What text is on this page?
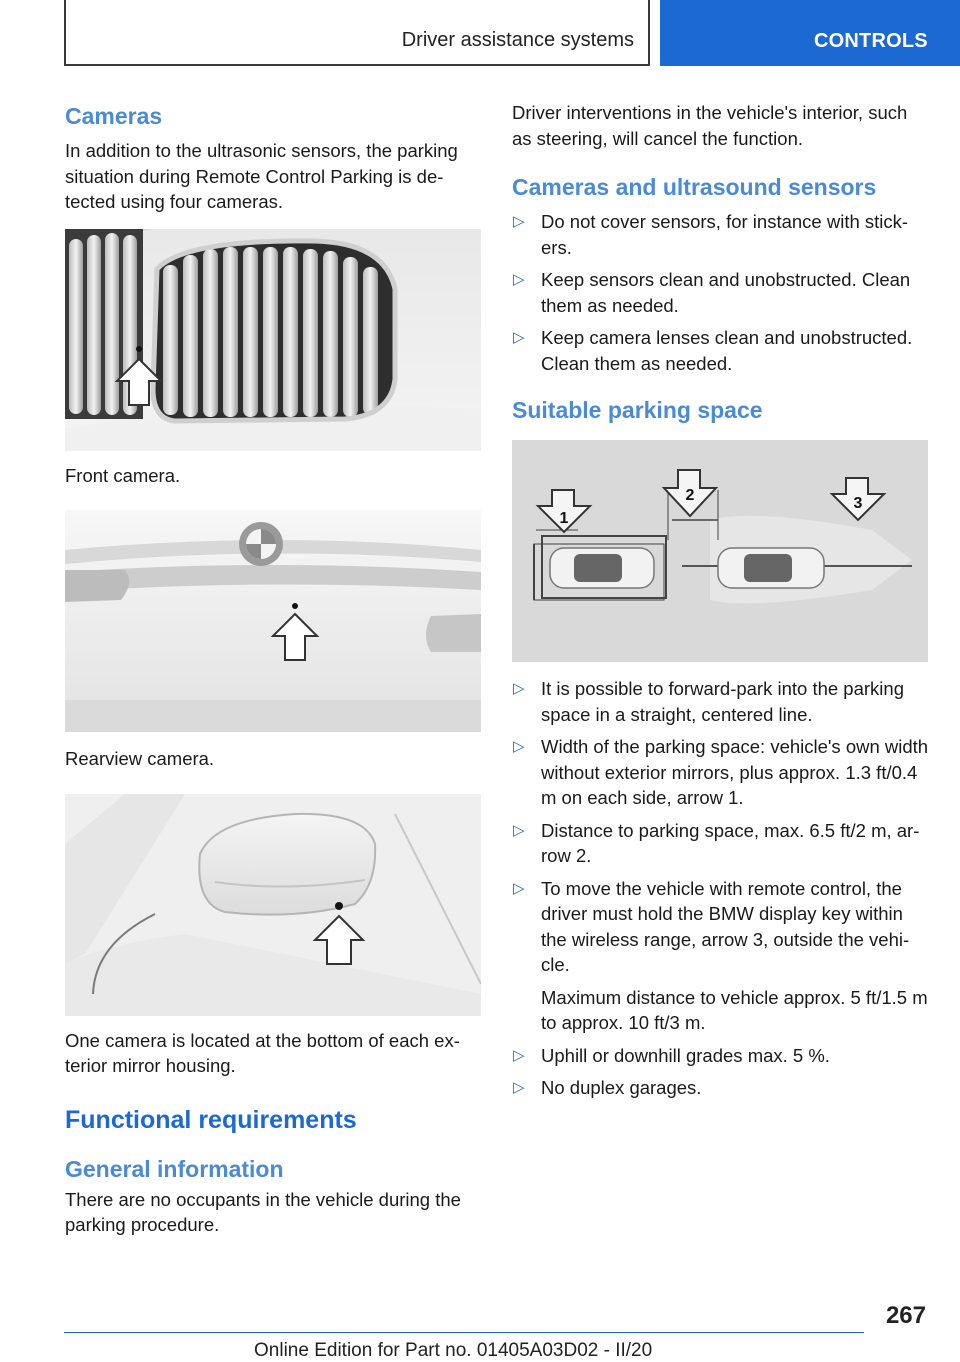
Driver assistance systems	CONTROLS
Cameras

In addition to the ultrasonic sensors, the parking situation during Remote Control Parking is detected using four cameras.

Front camera.

Rearview camera.

One camera is located at the bottom of each exterior mirror housing.

Functional requirements
General information

There are no occupants in the vehicle during the parking procedure.

Driver interventions in the vehicle's interior, such as steering, will cancel the function.

Cameras and ultrasound sensors
▷ Do not cover sensors, for instance with stickers.
▷ Keep sensors clean and unobstructed. Clean them as needed.
▷ Keep camera lenses clean and unobstructed. Clean them as needed.
Suitable parking space
1
2	3
▷ It is possible to forward-park into the parking space in a straight, centered line.
▷ Width of the parking space: vehicle's own width without exterior mirrors, plus approx. 1.3 ft/0.4 m on each side, arrow 1.
▷ Distance to parking space, max. 6.5 ft/2 m, arrow 2.
▷ To move the vehicle with remote control, the driver must hold the BMW display key within the wireless range, arrow 3, outside the vehicle.
Maximum distance to vehicle approx. 5 ft/1.5 m to approx. 10 ft/3 m.
▷ Uphill or downhill grades max. 5 %.
▷ No duplex garages.
267
Online Edition for Part no. 01405A03D02 - II/20
